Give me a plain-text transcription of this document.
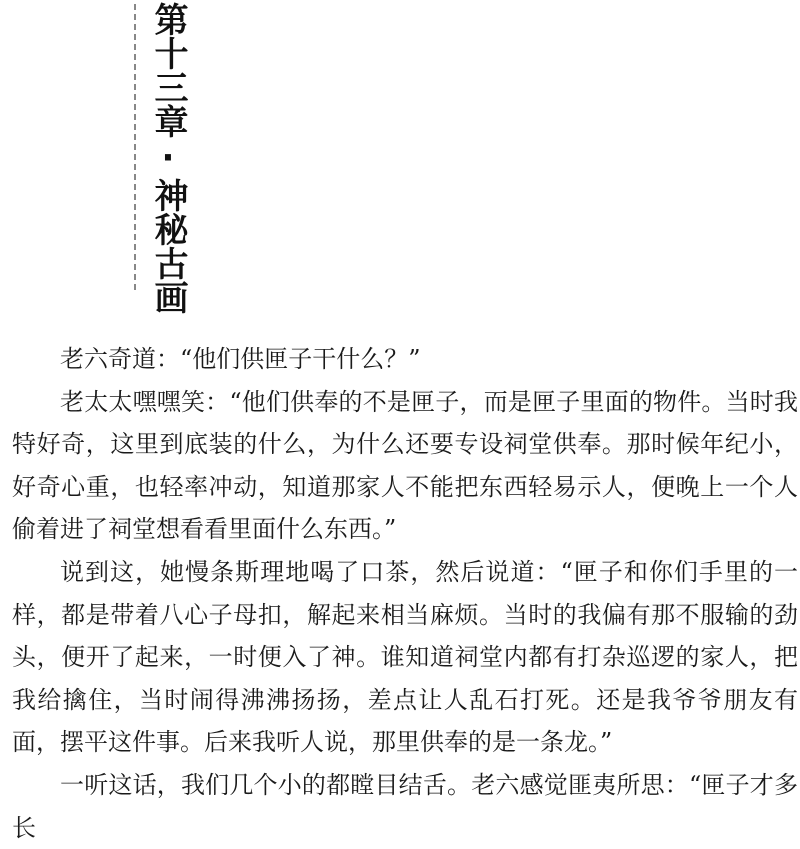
第十三章·神秘古画

老六奇道：“他们供匣子干什么？”

老太太嘿嘿笑：“他们供奉的不是匣子，而是匣子里面的物件。当时我特好奇，这里到底装的什么，为什么还要专设祠堂供奉。那时候年纪小，好奇心重，也轻率冲动，知道那家人不能把东西轻易示人，便晚上一个人偷着进了祠堂想看看里面什么东西。”

说到这，她慢条斯理地喝了口茶，然后说道：“匣子和你们手里的一样，都是带着八心子母扣，解起来相当麻烦。当时的我偏有那不服输的劲头，便开了起来，一时便入了神。谁知道祠堂内都有打杂巡逻的家人，把我给擒住，当时闹得沸沸扬扬，差点让人乱石打死。还是我爷爷朋友有面，摆平这件事。后来我听人说，那里供奉的是一条龙。”

一听这话，我们几个小的都瞠目结舌。老六感觉匪夷所思：“匣子才多长
